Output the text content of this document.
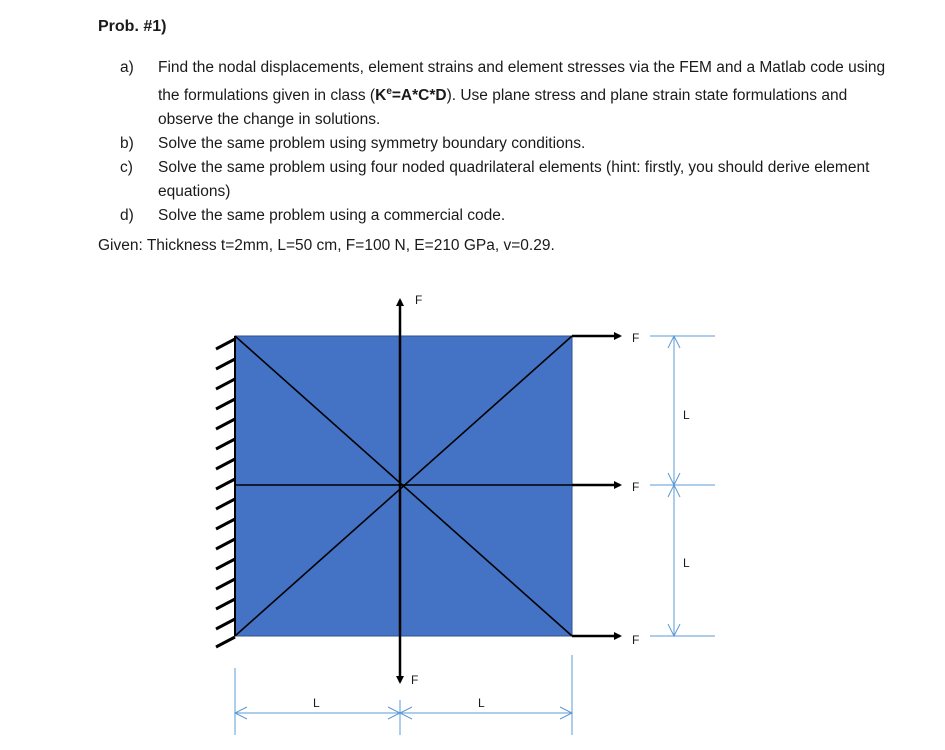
Prob. #1)
a)	Find the nodal displacements, element strains and element stresses via the FEM and a Matlab code using the formulations given in class $(K^e=A*C*D)$. Use plane stress and plane strain state formulations and observe the change in solutions.
b)	Solve the same problem using symmetry boundary conditions.
c)	Solve the same problem using four noded quadrilateral elements (hint: firstly, you should derive element equations)
d)	Solve the same problem using a commercial code.
Given: Thickness t=2mm, L=50 cm, F=100 N, E=210 GPa, v=0.29.
F
F
F
F
F
L
L
L	L
